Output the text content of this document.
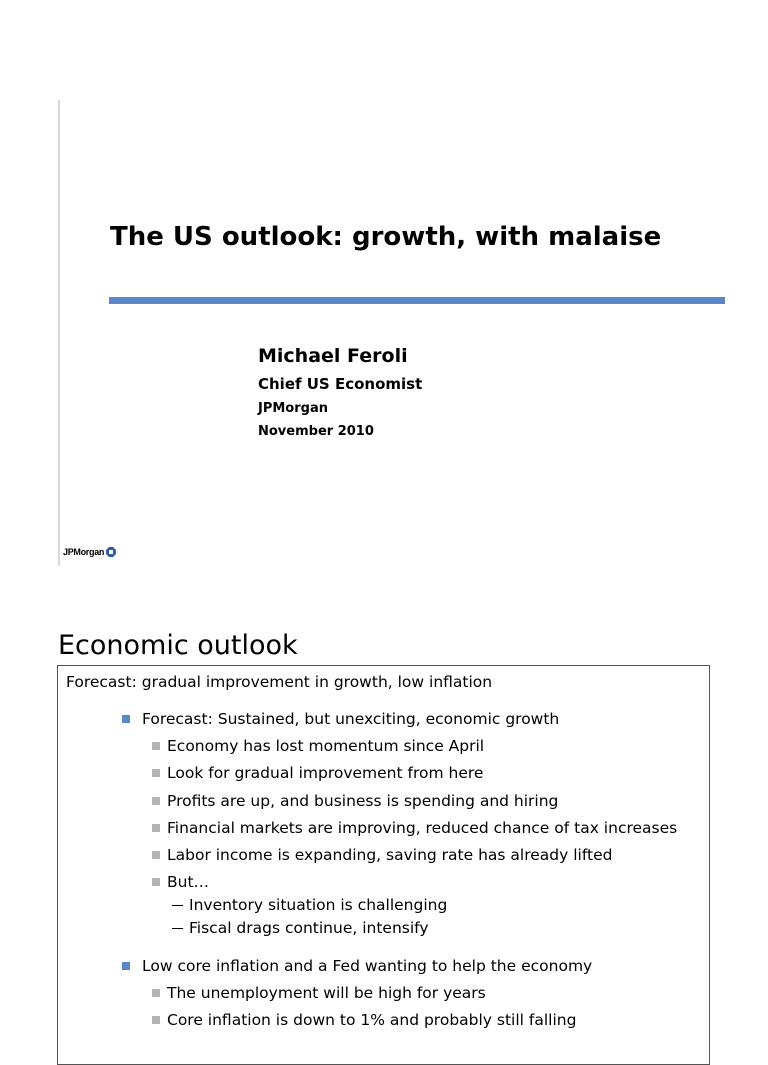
The US outlook: growth, with malaise
Michael Feroli
Chief US Economist
JPMorgan
November 2010
JPMorgan
Economic outlook
Forecast: gradual improvement in growth, low inflation
Forecast: Sustained, but unexciting, economic growth
Economy has lost momentum since April
Look for gradual improvement from here
Profits are up, and business is spending and hiring
Financial markets are improving, reduced chance of tax increases
Labor income is expanding, saving rate has already lifted
But…
Inventory situation is challenging
Fiscal drags continue, intensify
Low core inflation and a Fed wanting to help the economy
The unemployment will be high for years
Core inflation is down to 1% and probably still falling
